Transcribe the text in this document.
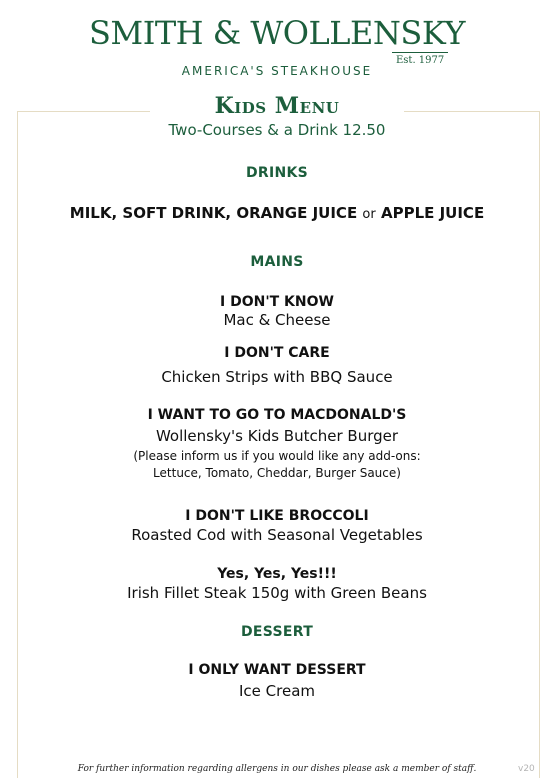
SMITH & WOLLENSKY
Est. 1977
AMERICA'S STEAKHOUSE
Kids Menu
Two-Courses & a Drink 12.50
DRINKS
MILK, SOFT DRINK, ORANGE JUICE or APPLE JUICE
MAINS
I DON'T KNOW
Mac & Cheese
I DON'T CARE
Chicken Strips with BBQ Sauce
I WANT TO GO TO MACDONALD'S
Wollensky's Kids Butcher Burger
(Please inform us if you would like any add-ons:
Lettuce, Tomato, Cheddar, Burger Sauce)
I DON'T LIKE BROCCOLI
Roasted Cod with Seasonal Vegetables
Yes, Yes, Yes!!!
Irish Fillet Steak 150g with Green Beans
DESSERT
I ONLY WANT DESSERT
Ice Cream
For further information regarding allergens in our dishes please ask a member of staff.	v20
